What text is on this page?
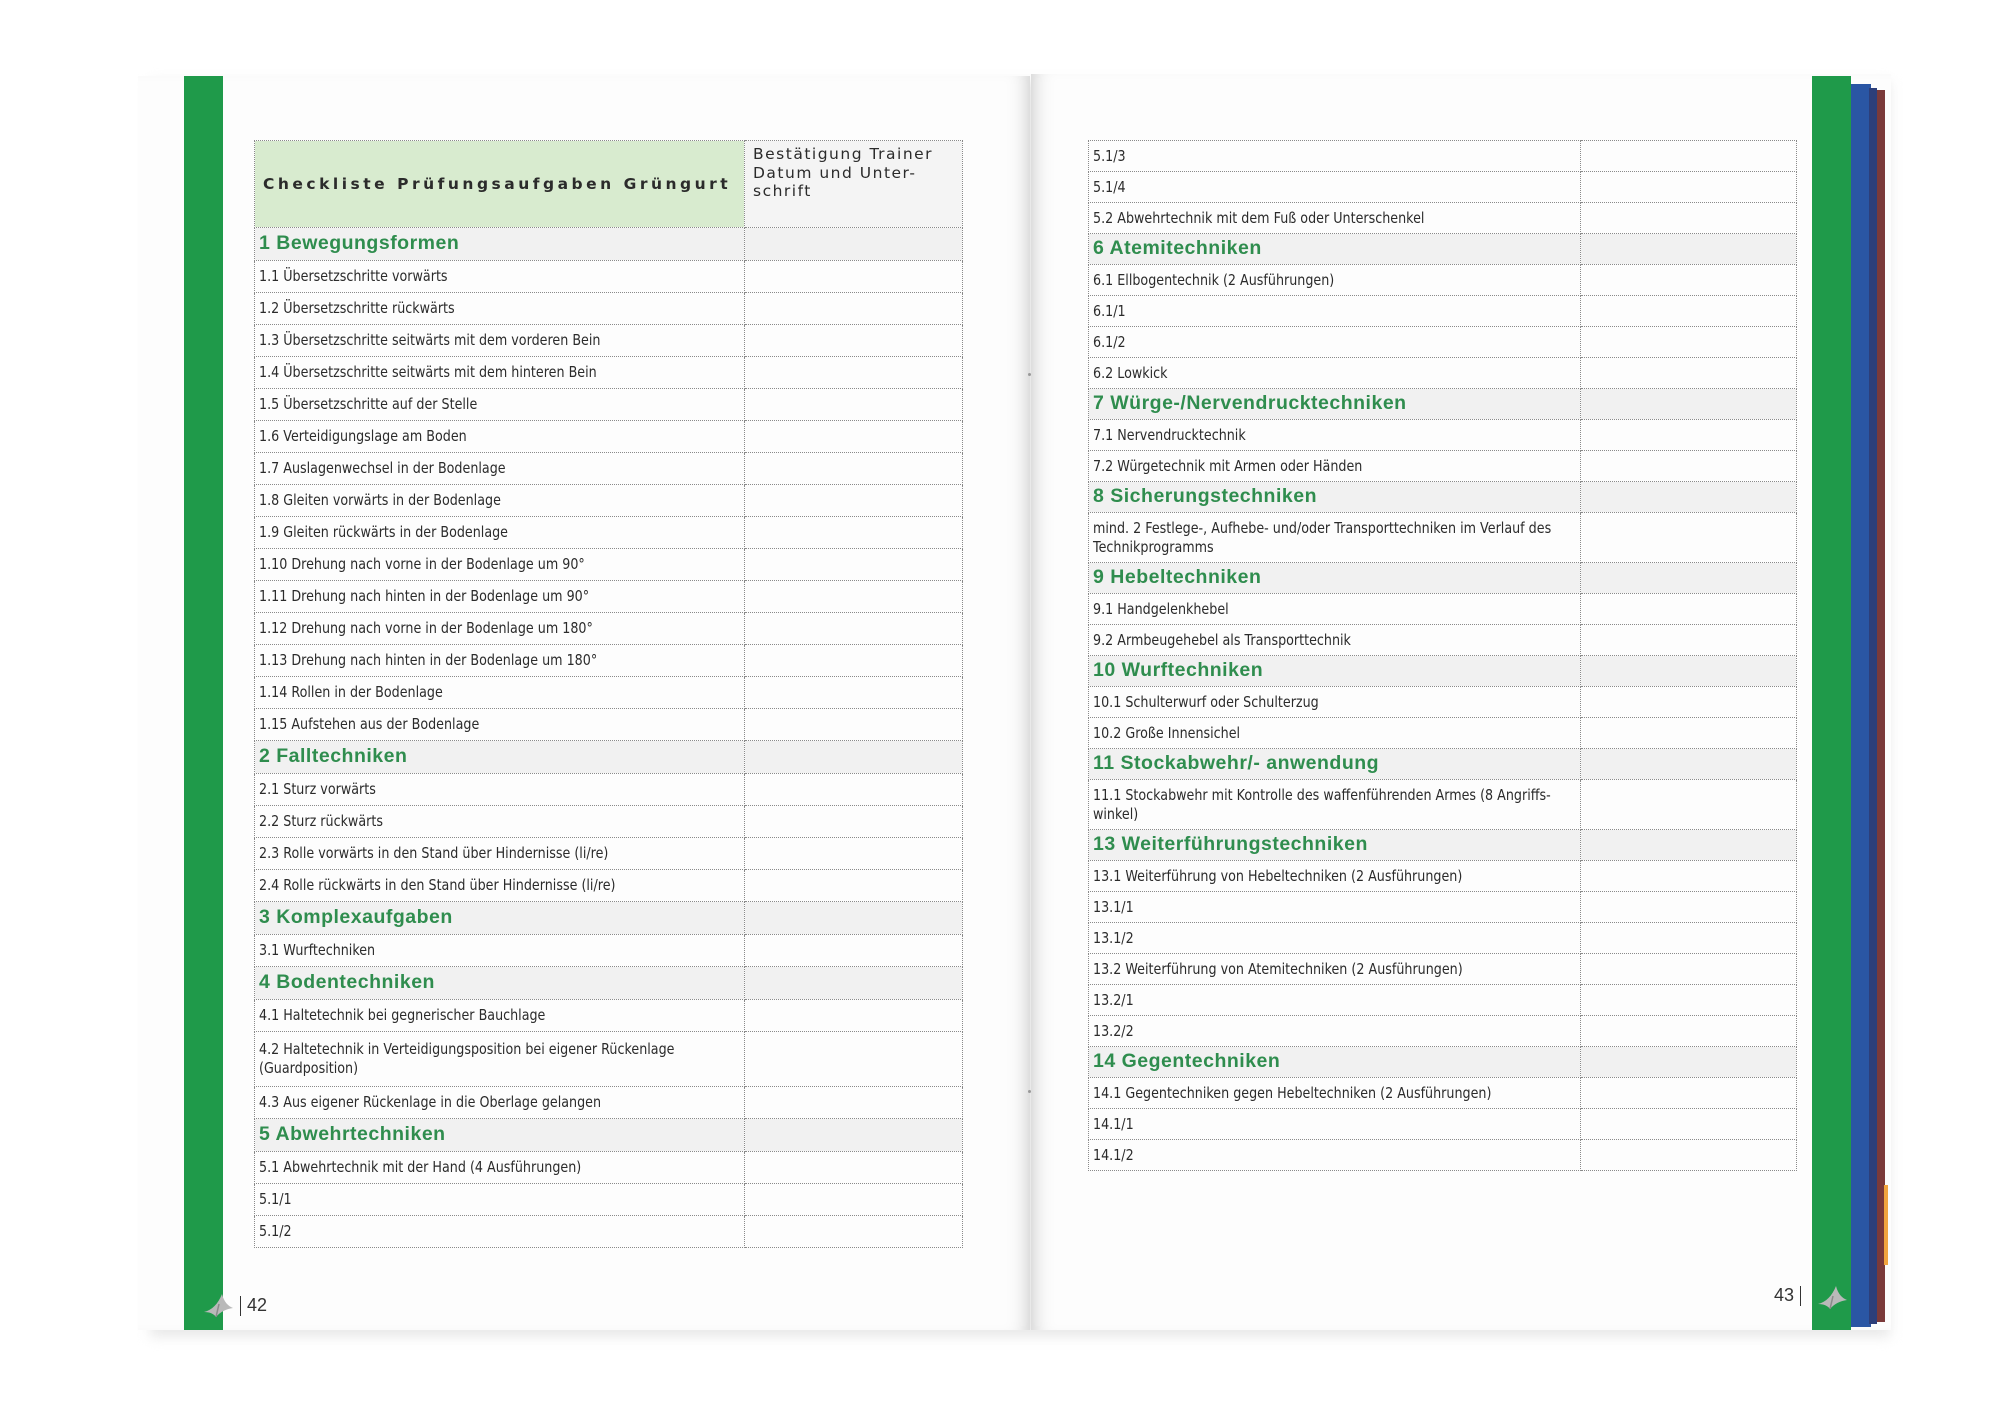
Checkliste Prüfungsaufgaben Grüngurt	Bestätigung Trainer Datum und Unter- schrift
1 Bewegungsformen	
1.1 Übersetzschritte vorwärts	
1.2 Übersetzschritte rückwärts	
1.3 Übersetzschritte seitwärts mit dem vorderen Bein	
1.4 Übersetzschritte seitwärts mit dem hinteren Bein	
1.5 Übersetzschritte auf der Stelle	
1.6 Verteidigungslage am Boden	
1.7 Auslagenwechsel in der Bodenlage	
1.8 Gleiten vorwärts in der Bodenlage	
1.9 Gleiten rückwärts in der Bodenlage	
1.10 Drehung nach vorne in der Bodenlage um 90°	
1.11 Drehung nach hinten in der Bodenlage um 90°	
1.12 Drehung nach vorne in der Bodenlage um 180°	
1.13 Drehung nach hinten in der Bodenlage um 180°	
1.14 Rollen in der Bodenlage	
1.15 Aufstehen aus der Bodenlage	
2 Falltechniken	
2.1 Sturz vorwärts	
2.2 Sturz rückwärts	
2.3 Rolle vorwärts in den Stand über Hindernisse (li/re)	
2.4 Rolle rückwärts in den Stand über Hindernisse (li/re)	
3 Komplexaufgaben	
3.1 Wurftechniken	
4 Bodentechniken	
4.1 Haltetechnik bei gegnerischer Bauchlage	
4.2 Haltetechnik in Verteidigungsposition bei eigener Rückenlage (Guardposition)	
4.3 Aus eigener Rückenlage in die Oberlage gelangen	
5 Abwehrtechniken	
5.1 Abwehrtechnik mit der Hand (4 Ausführungen)	
5.1/1	
5.1/2	
5.1/3	
5.1/4	
5.2 Abwehrtechnik mit dem Fuß oder Unterschenkel	
6 Atemitechniken	
6.1 Ellbogentechnik (2 Ausführungen)	
6.1/1	
6.1/2	
6.2 Lowkick	
7 Würge-/Nervendrucktechniken	
7.1 Nervendrucktechnik	
7.2 Würgetechnik mit Armen oder Händen	
8 Sicherungstechniken	
mind. 2 Festlege-, Aufhebe- und/oder Transporttechniken im Verlauf des Technikprogramms	
9 Hebeltechniken	
9.1 Handgelenkhebel	
9.2 Armbeugehebel als Transporttechnik	
10 Wurftechniken	
10.1 Schulterwurf oder Schulterzug	
10.2 Große Innensichel	
11 Stockabwehr/- anwendung	
11.1 Stockabwehr mit Kontrolle des waffenführenden Armes (8 Angriffs- winkel)	
13 Weiterführungstechniken	
13.1 Weiterführung von Hebeltechniken (2 Ausführungen)	
13.1/1	
13.1/2	
13.2 Weiterführung von Atemitechniken (2 Ausführungen)	
13.2/1	
13.2/2	
14 Gegentechniken	
14.1 Gegentechniken gegen Hebeltechniken (2 Ausführungen)	
14.1/1	
14.1/2	
42	43
